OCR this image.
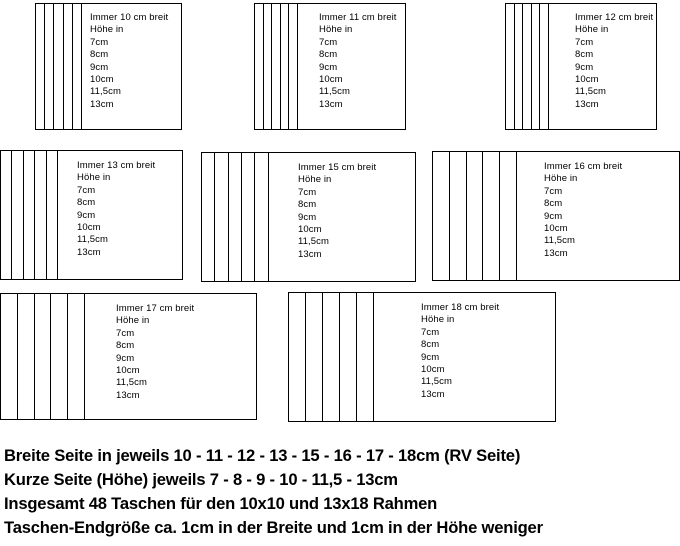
Immer 10 cm breit
Höhe in
7cm
8cm
9cm
10cm
11,5cm
13cm
Immer 11 cm breit
Höhe in
7cm
8cm
9cm
10cm
11,5cm
13cm
Immer 12 cm breit
Höhe in
7cm
8cm
9cm
10cm
11,5cm
13cm
Immer 13 cm breit
Höhe in
7cm
8cm
9cm
10cm
11,5cm
13cm
Immer 15 cm breit
Höhe in
7cm
8cm
9cm
10cm
11,5cm
13cm
Immer 16 cm breit
Höhe in
7cm
8cm
9cm
10cm
11,5cm
13cm
Immer 17 cm breit
Höhe in
7cm
8cm
9cm
10cm
11,5cm
13cm
Immer 18 cm breit
Höhe in
7cm
8cm
9cm
10cm
11,5cm
13cm
Breite Seite in jeweils 10 - 11 - 12 - 13 - 15 - 16 - 17 - 18cm (RV Seite)
Kurze Seite (Höhe) jeweils 7 - 8 - 9 - 10 - 11,5 - 13cm
Insgesamt 48 Taschen für den 10x10 und 13x18 Rahmen
Taschen-Endgröße ca. 1cm in der Breite und 1cm in der Höhe weniger
